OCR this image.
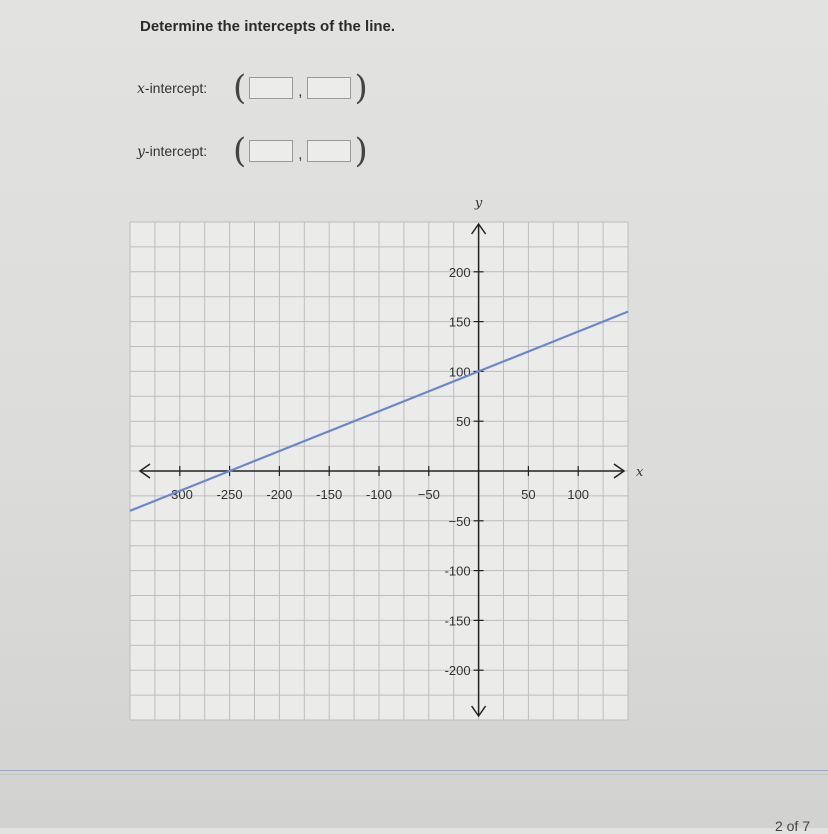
Determine the intercepts of the line.
x-intercept: (	, )
y-intercept: (	, )
x
y
-300 -250 -200 -150 -100 −50	50 100
200
150
100
50
−50
-100
-150
-200
2 of 7
